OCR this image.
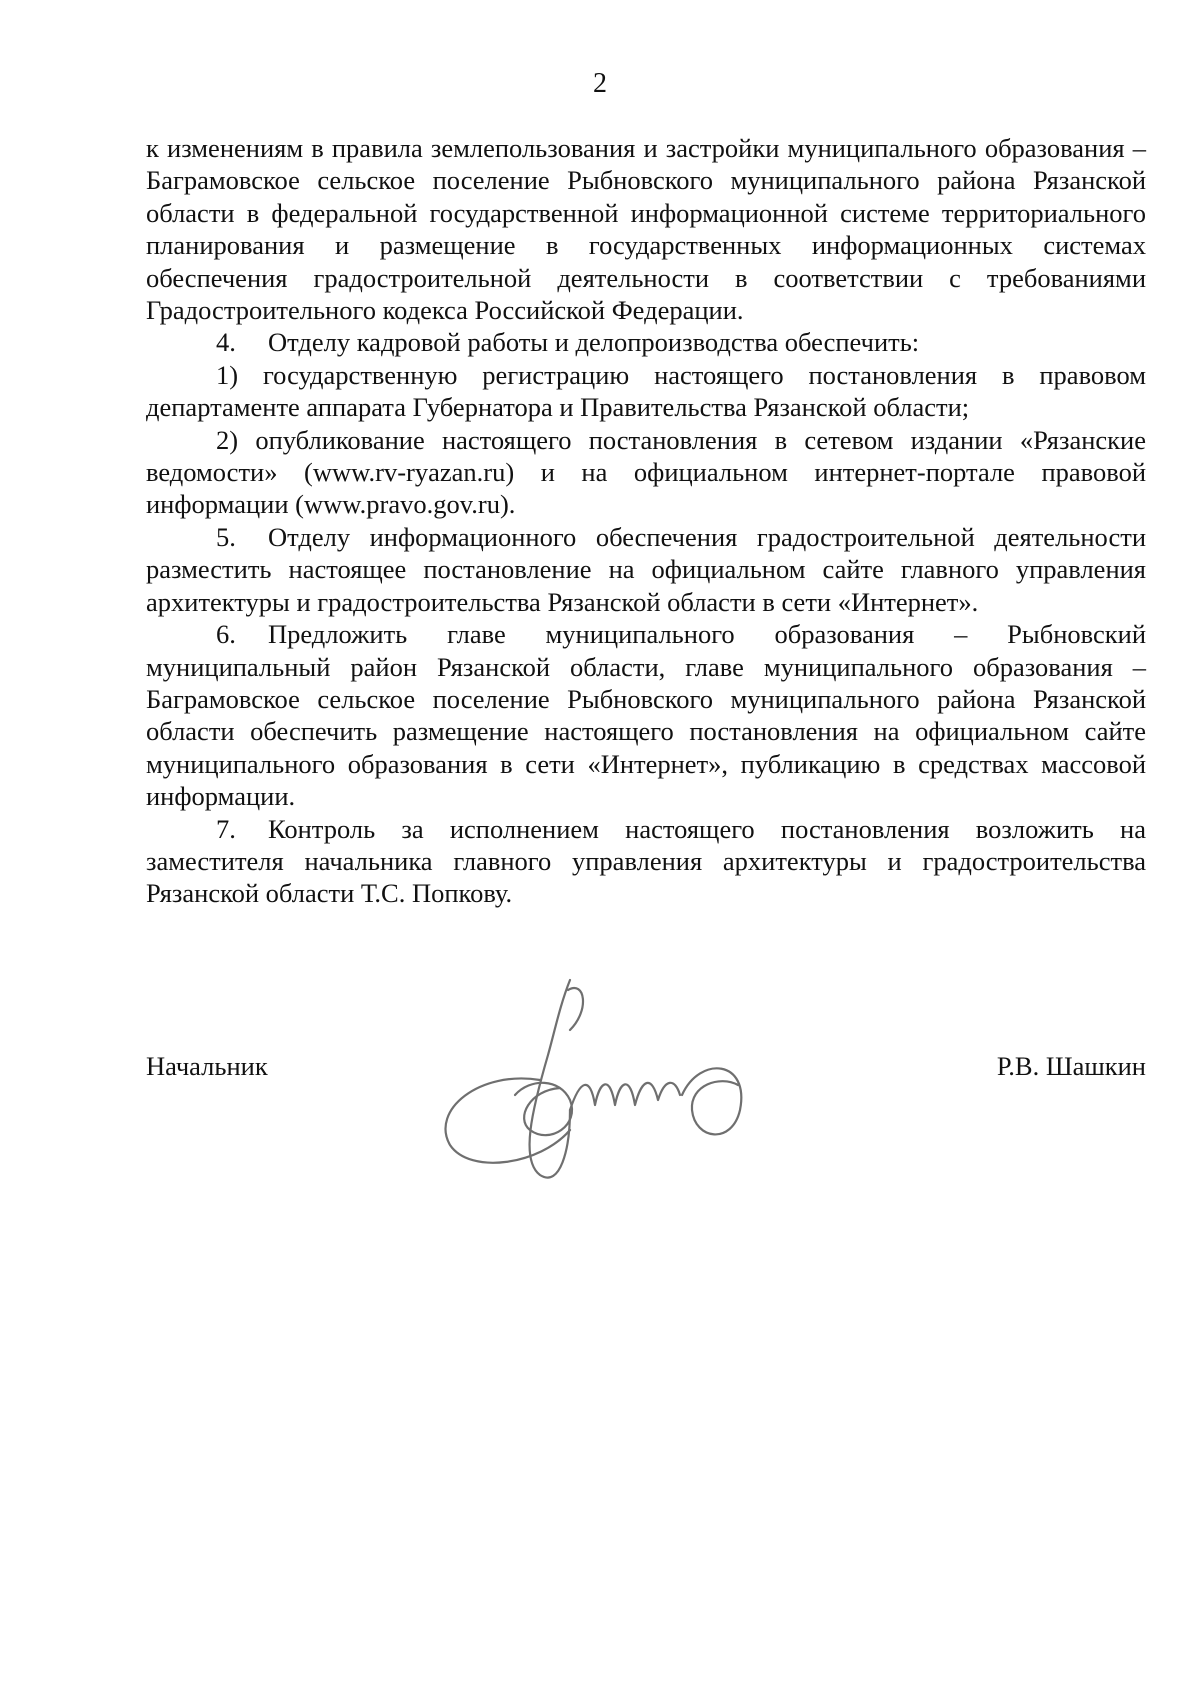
2

к изменениям в правила землепользования и застройки муниципального образования – Баграмовское сельское поселение Рыбновского муниципального района Рязанской области в федеральной государственной информационной системе территориального планирования и размещение в государственных информационных системах обеспечения градостроительной деятельности в соответствии с требованиями Градостроительного кодекса Российской Федерации.

4. Отделу кадровой работы и делопроизводства обеспечить:

1) государственную регистрацию настоящего постановления в правовом департаменте аппарата Губернатора и Правительства Рязанской области;

2) опубликование настоящего постановления в сетевом издании «Рязанские ведомости» (www.rv-ryazan.ru) и на официальном интернет-портале правовой информации (www.pravo.gov.ru).

5. Отделу информационного обеспечения градостроительной деятельности разместить настоящее постановление на официальном сайте главного управления архитектуры и градостроительства Рязанской области в сети «Интернет».

6. Предложить главе муниципального образования – Рыбновский муниципальный район Рязанской области, главе муниципального образования – Баграмовское сельское поселение Рыбновского муниципального района Рязанской области обеспечить размещение настоящего постановления на официальном сайте муниципального образования в сети «Интернет», публикацию в средствах массовой информации.

7. Контроль за исполнением настоящего постановления возложить на заместителя начальника главного управления архитектуры и градостроительства Рязанской области Т.С. Попкову.

Начальник	Р.В. Шашкин
